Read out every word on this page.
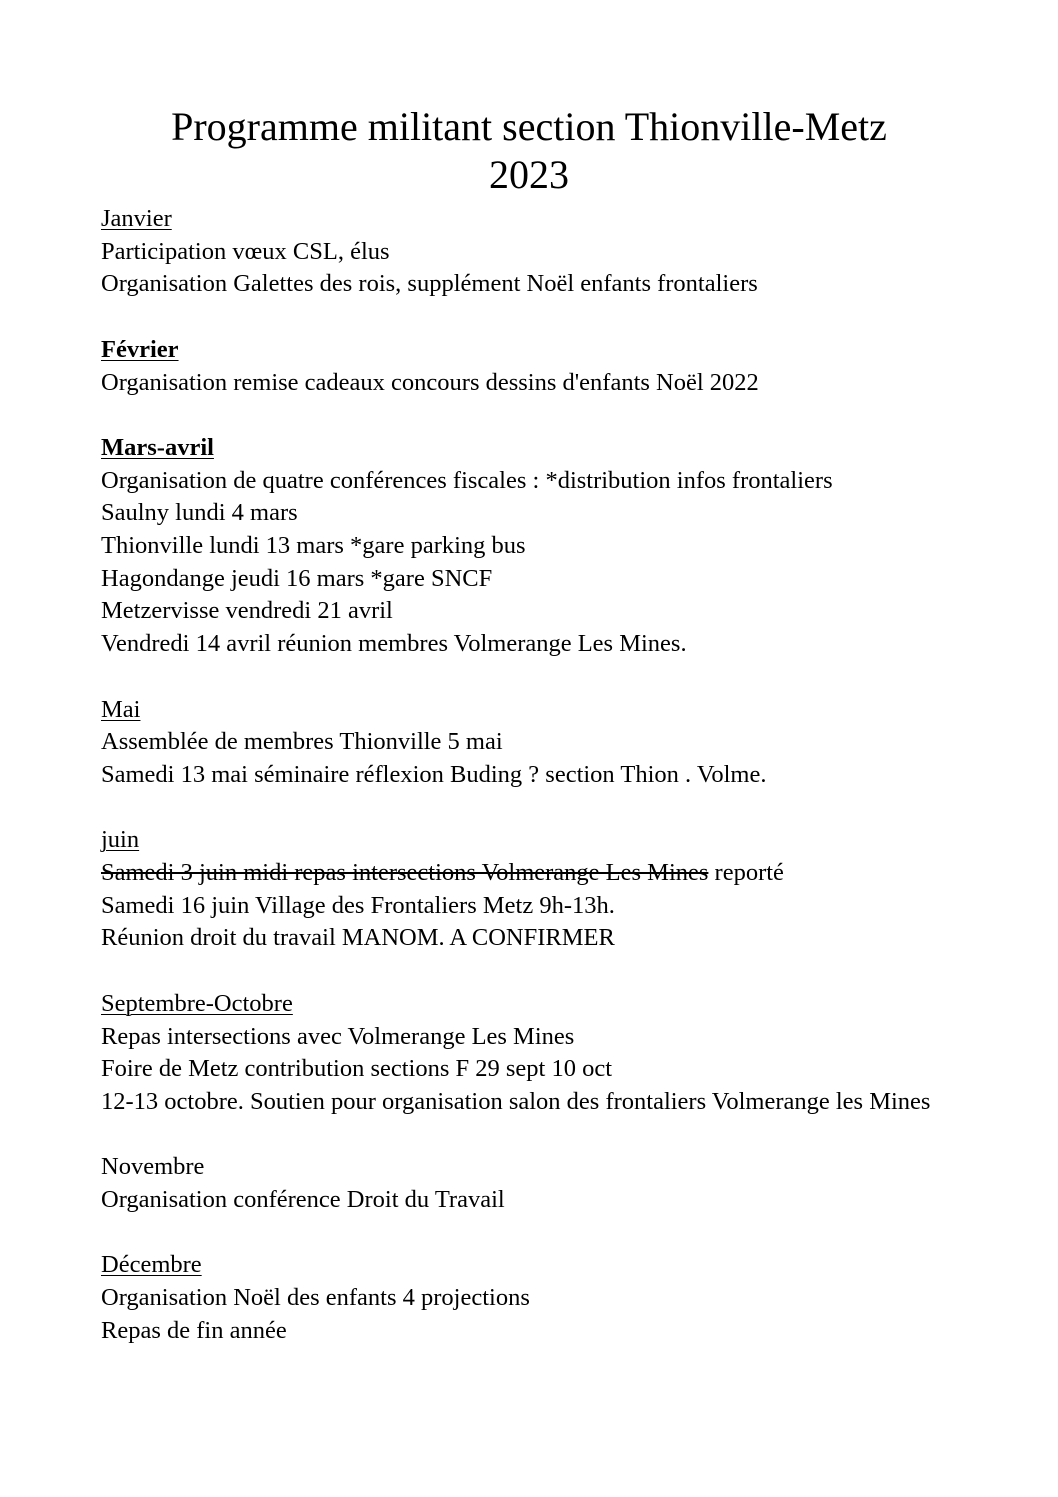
Programme militant section Thionville-Metz
2023
Janvier
Participation vœux CSL, élus
Organisation Galettes des rois, supplément Noël enfants frontaliers
Février
Organisation remise cadeaux concours dessins d'enfants Noël 2022
Mars-avril
Organisation de quatre conférences fiscales : *distribution infos frontaliers
Saulny lundi 4 mars
Thionville lundi 13 mars *gare parking bus
Hagondange jeudi 16 mars *gare SNCF
Metzervisse vendredi 21 avril
Vendredi 14 avril réunion membres Volmerange Les Mines.
Mai
Assemblée de membres Thionville 5 mai
Samedi 13 mai séminaire réflexion Buding ? section Thion . Volme.
juin
Samedi 3 juin midi repas intersections Volmerange Les Mines reporté
Samedi 16 juin Village des Frontaliers Metz 9h-13h.
Réunion droit du travail MANOM. A CONFIRMER
Septembre-Octobre
Repas intersections avec Volmerange Les Mines
Foire de Metz contribution sections F 29 sept 10 oct
12-13 octobre. Soutien pour organisation salon des frontaliers Volmerange les Mines
Novembre
Organisation conférence Droit du Travail
Décembre
Organisation Noël des enfants 4 projections
Repas de fin année
